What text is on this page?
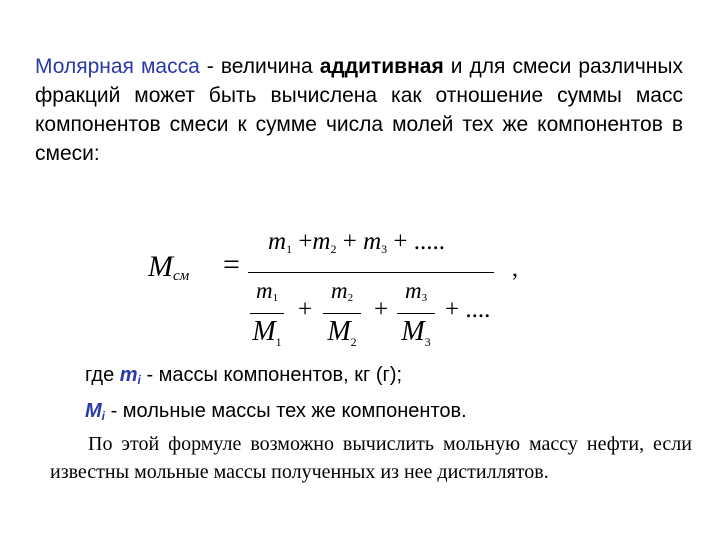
Молярная масса - величина аддитивная и для смеси различных фракций может быть вычислена как отношение суммы масс компонентов смеси к сумме числа молей тех же компонентов в смеси:

$M_{см}$ =
$m_1 +m_2 + m_3$ + .....
$m_1$
$M_1$
+
$m_2$
$M_2$
+
$m_3$
$M_3$
+ ....
,
где $m_i$ - массы компонентов, кг (г);
$M_i$ - мольные массы тех же компонентов.

По этой формуле возможно вычислить мольную массу нефти, если известны мольные массы полученных из нее дистиллятов.
